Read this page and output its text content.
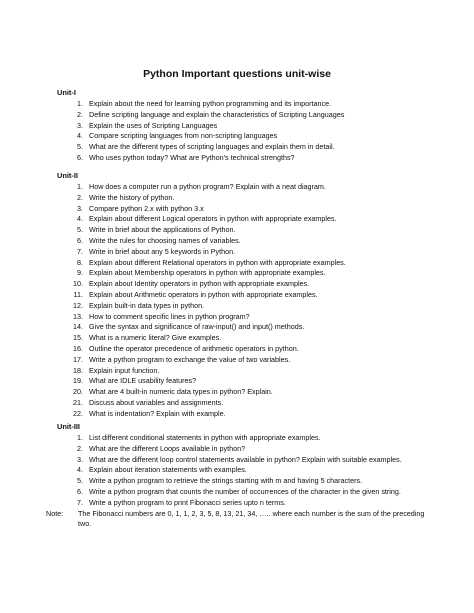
Python Important questions unit-wise
Unit-I
1. Explain about the need for learning python programming and its importance.
2. Define scripting language and explain the characteristics of Scripting Languages
3. Explain the uses of Scripting Languages
4. Compare scripting languages from non-scripting languages
5. What are the different types of scripting languages and explain them in detail.
6. Who uses python today? What are Python's technical strengths?
Unit-II
1. How does a computer run a python program? Explain with a neat diagram.
2. Write the history of python.
3. Compare python 2.x with python 3.x
4. Explain about different Logical operators in python with appropriate examples.
5. Write in brief about the applications of Python.
6. Write the rules for choosing names of variables.
7. Write in brief about any 5 keywords in Python.
8. Explain about different Relational operators in python with appropriate examples.
9. Explain about Membership operators in python with appropriate examples.
10. Explain about Identity operators in python with appropriate examples.
11. Explain about Arithmetic operators in python with appropriate examples.
12. Explain built-in data types in python.
13. How to comment specific lines in python program?
14. Give the syntax and significance of raw-input() and input() methods.
15. What is a numeric literal? Give examples.
16. Outline the operator precedence of arithmetic operators in python.
17. Write a python program to exchange the value of two variables.
18. Explain input function.
19. What are IDLE usability features?
20. What are 4 built-in numeric data types in python? Explain.
21. Discuss about variables and assignments.
22. What is indentation? Explain with example.
Unit-III
1. List different conditional statements in python with appropriate examples.
2. What are the different Loops available in python?
3. What are the different loop control statements available in python? Explain with suitable examples.
4. Explain about iteration statements with examples.
5. Write a python program to retrieve the strings starting with m and having 5 characters.
6. Write a python program that counts the number of occurrences of the character in the given string.
7. Write a python program to print Fibonacci series upto n terms.
Note:	The Fibonacci numbers are 0, 1, 1, 2, 3, 5, 8, 13, 21, 34, ….. where each number is the sum of the preceding two.
